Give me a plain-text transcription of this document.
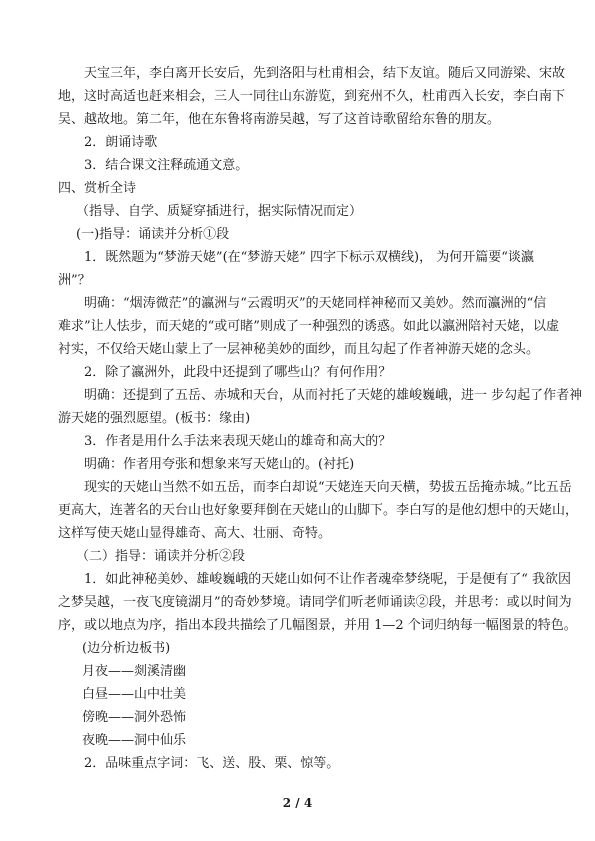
天宝三年，李白离开长安后，先到洛阳与杜甫相会，结下友谊。随后又同游梁、宋故
地，这时高适也赶来相会，三人一同往山东游览，到兖州不久，杜甫西入长安，李白南下
吴、越故地。第二年，他在东鲁将南游吴越，写了这首诗歌留给东鲁的朋友。
2．朗诵诗歌
3．结合课文注释疏通文意。
四、赏析全诗
（指导、自学、质疑穿插进行，据实际情况而定）
(一)指导：诵读并分析①段
1．既然题为“梦游天姥”(在“梦游天姥” 四字下标示双横线)， 为何开篇要“谈瀛
洲”？
明确：“烟涛微茫”的瀛洲与“云霞明灭”的天姥同样神秘而又美妙。然而瀛洲的“信
难求”让人怯步，而天姥的“或可睹”则成了一种强烈的诱惑。如此以瀛洲陪衬天姥，以虚
衬实，不仅给天姥山蒙上了一层神秘美妙的面纱，而且勾起了作者神游天姥的念头。
2．除了瀛洲外，此段中还提到了哪些山？有何作用？
明确：还提到了五岳、赤城和天台，从而衬托了天姥的雄峻巍峨，进一 步勾起了作者神
游天姥的强烈愿望。(板书：缘由)
3．作者是用什么手法来表现天姥山的雄奇和高大的？
明确：作者用夸张和想象来写天姥山的。(衬托)
现实的天姥山当然不如五岳，而李白却说“天姥连天向天横，势拔五岳掩赤城。”比五岳
更高大，连著名的天台山也好象要拜倒在天姥山的山脚下。李白写的是他幻想中的天姥山，
这样写使天姥山显得雄奇、高大、壮丽、奇特。
（二）指导：诵读并分析②段
1．如此神秘美妙、雄峻巍峨的天姥山如何不让作者魂牵梦绕呢，于是便有了“ 我欲因
之梦吴越，一夜飞度镜湖月”的奇妙梦境。请同学们听老师诵读②段，并思考：或以时间为
序，或以地点为序，指出本段共描绘了几幅图景，并用 1—2 个词归纳每一幅图景的特色。
(边分析边板书)
月夜——剡溪清幽
白昼——山中壮美
傍晚——洞外恐怖
夜晚——洞中仙乐
2．品味重点字词：飞、送、股、栗、惊等。
2 / 4
